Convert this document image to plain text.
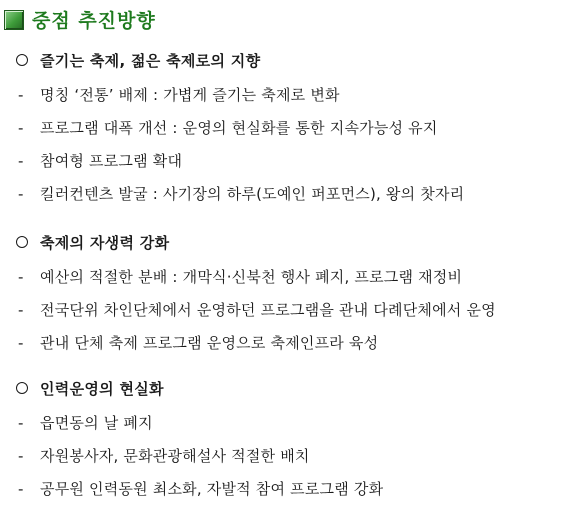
중점 추진방향
즐기는 축제, 젊은 축제로의 지향
-	명칭 ‘전통’ 배제 : 가볍게 즐기는 축제로 변화
-	프로그램 대폭 개선 : 운영의 현실화를 통한 지속가능성 유지
-	참여형 프로그램 확대
-	킬러컨텐츠 발굴 : 사기장의 하루(도예인 퍼포먼스), 왕의 찻자리
축제의 자생력 강화
-	예산의 적절한 분배 : 개막식·신북천 행사 폐지, 프로그램 재정비
-	전국단위 차인단체에서 운영하던 프로그램을 관내 다례단체에서 운영
-	관내 단체 축제 프로그램 운영으로 축제인프라 육성
인력운영의 현실화
-	읍면동의 날 폐지
-	자원봉사자, 문화관광해설사 적절한 배치
-	공무원 인력동원 최소화, 자발적 참여 프로그램 강화
